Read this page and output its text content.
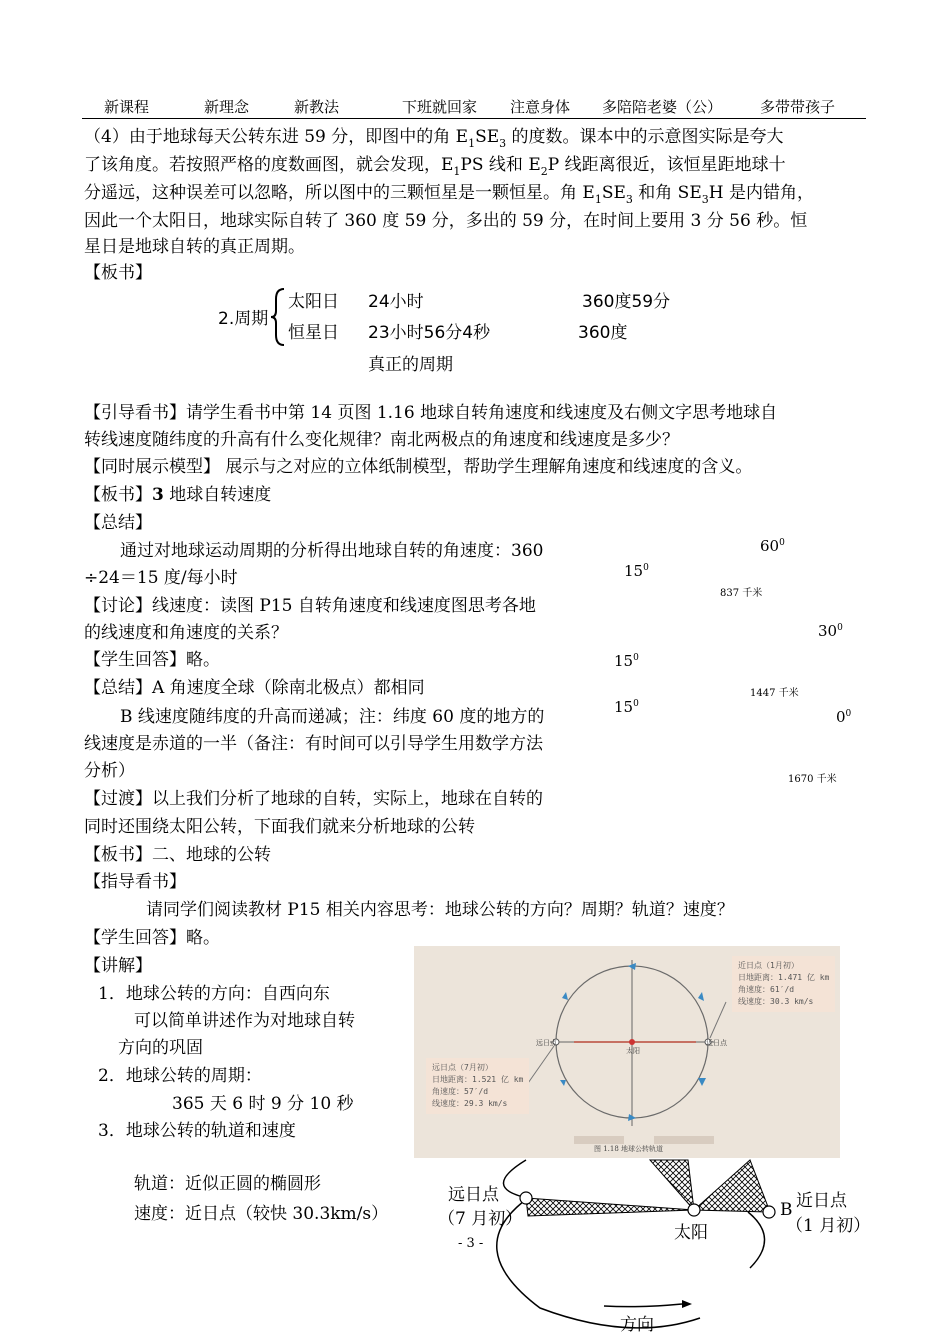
新课程	新理念	新教法	下班就回家 注意身体 多陪陪老婆（公）	多带带孩子
（4）由于地球每天公转东进 59 分，即图中的角 $E_1SE_3$ 的度数。课本中的示意图实际是夸大
了该角度。若按照严格的度数画图，就会发现，$E_1PS$ 线和 $E_2P$ 线距离很近，该恒星距地球十
分遥远，这种误差可以忽略，所以图中的三颗恒星是一颗恒星。角 $E_1SE_3$ 和角 $SE_3H$ 是内错角，
因此一个太阳日，地球实际自转了 360 度 59 分，多出的 59 分，在时间上要用 3 分 56 秒。恒
星日是地球自转的真正周期。
【板书】
2.周期
太阳日 24小时	360度59分
恒星日 23小时56分4秒	360度
真正的周期
【引导看书】请学生看书中第 14 页图 1.16 地球自转角速度和线速度及右侧文字思考地球自
转线速度随纬度的升高有什么变化规律？南北两极点的角速度和线速度是多少？
【同时展示模型】 展示与之对应的立体纸制模型，帮助学生理解角速度和线速度的含义。
【板书】3 地球自转速度
【总结】
通过对地球运动周期的分析得出地球自转的角速度：360
÷24＝15 度/每小时
【讨论】线速度：读图 P15 自转角速度和线速度图思考各地
的线速度和角速度的关系？
【学生回答】略。
【总结】A 角速度全球（除南北极点）都相同
B 线速度随纬度的升高而递减；注：纬度 60 度的地方的
线速度是赤道的一半（备注：有时间可以引导学生用数学方法
分析）
【过渡】以上我们分析了地球的自转，实际上，地球在自转的
同时还围绕太阳公转，下面我们就来分析地球的公转
【板书】二、地球的公转
【指导看书】
请同学们阅读教材 P15 相关内容思考：地球公转的方向？周期？轨道？速度？
【学生回答】略。
【讲解】
1．地球公转的方向：自西向东
可以简单讲述作为对地球自转
方向的巩固
2．地球公转的周期：
365 天 6 时 9 分 10 秒
3．地球公转的轨道和速度
轨道：近似正圆的椭圆形
速度：近日点（较快 30.3km/s）
$60^0$
$15^0$
837 千米
$30^0$
$15^0$
1447 千米
$15^0$
$0^0$
1670 千米
近日点（1月初）
日地距离：1.471 亿 km
角速度：61′/d
线速度：30.3 km/s
远日点（7月初）
日地距离：1.521 亿 km
角速度：57′/d
线速度：29.3 km/s
远日点	近日点
太阳
图 1.18 地球公转轨道
远日点
（7 月初）
太阳
B 近日点
（1 月初）
方向
- 3 -
